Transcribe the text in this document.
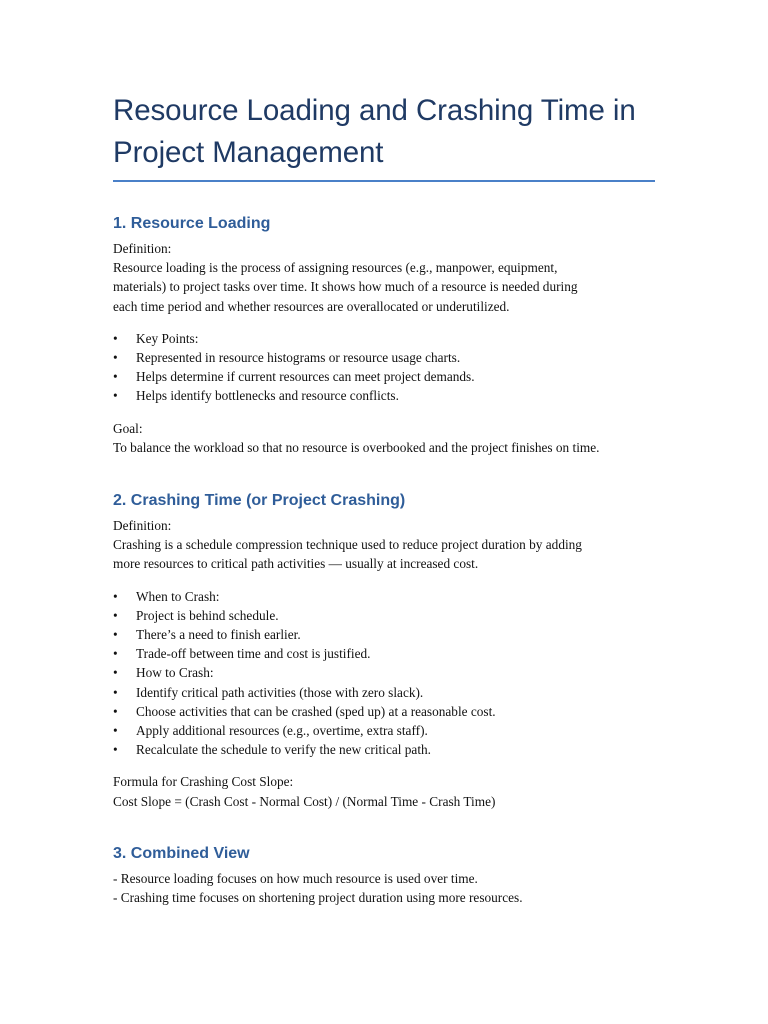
Resource Loading and Crashing Time in Project Management
1. Resource Loading

Definition:

Resource loading is the process of assigning resources (e.g., manpower, equipment,

materials) to project tasks over time. It shows how much of a resource is needed during

each time period and whether resources are overallocated or underutilized.

• Key Points:
• Represented in resource histograms or resource usage charts.
• Helps determine if current resources can meet project demands.
• Helps identify bottlenecks and resource conflicts.

Goal:

To balance the workload so that no resource is overbooked and the project finishes on time.

2. Crashing Time (or Project Crashing)

Definition:

Crashing is a schedule compression technique used to reduce project duration by adding

more resources to critical path activities — usually at increased cost.

• When to Crash:
• Project is behind schedule.
• There’s a need to finish earlier.
• Trade-off between time and cost is justified.
• How to Crash:
• Identify critical path activities (those with zero slack).
• Choose activities that can be crashed (sped up) at a reasonable cost.
• Apply additional resources (e.g., overtime, extra staff).
• Recalculate the schedule to verify the new critical path.

Formula for Crashing Cost Slope:

Cost Slope = (Crash Cost - Normal Cost) / (Normal Time - Crash Time)

3. Combined View

- Resource loading focuses on how much resource is used over time.

- Crashing time focuses on shortening project duration using more resources.
